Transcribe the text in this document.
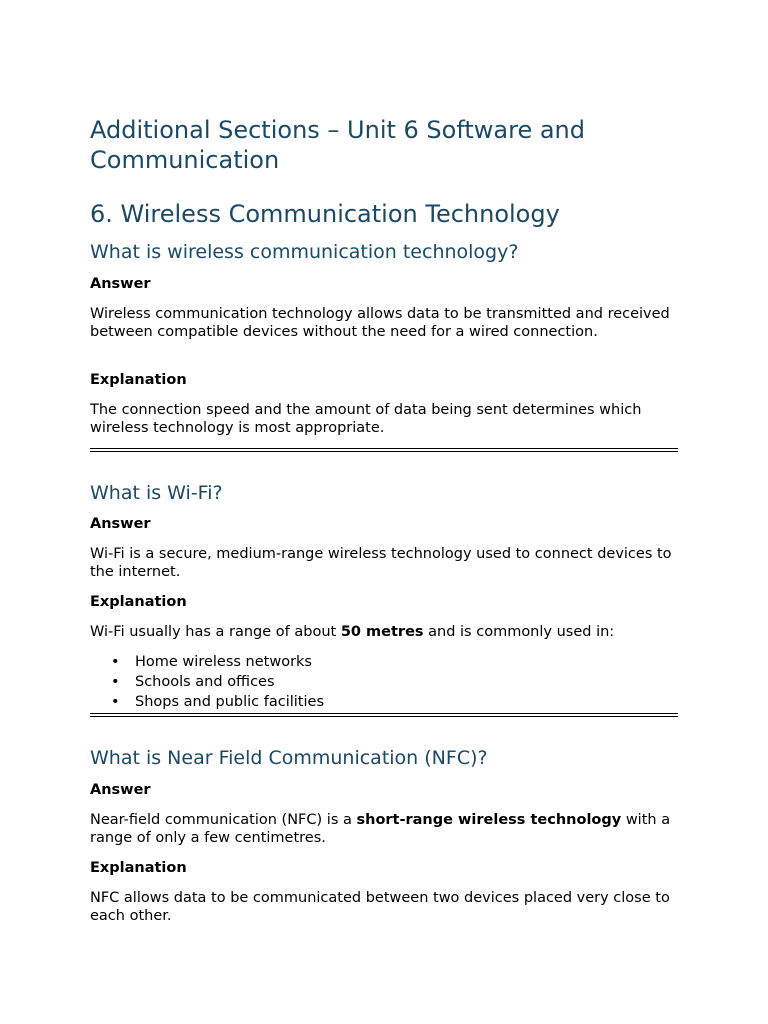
Additional Sections – Unit 6 Software and Communication
6. Wireless Communication Technology
What is wireless communication technology?
Answer

Wireless communication technology allows data to be transmitted and received between compatible devices without the need for a wired connection.

Explanation

The connection speed and the amount of data being sent determines which wireless technology is most appropriate.

What is Wi-Fi?
Answer

Wi-Fi is a secure, medium-range wireless technology used to connect devices to the internet.

Explanation

Wi-Fi usually has a range of about 50 metres and is commonly used in:

• Home wireless networks
• Schools and offices
• Shops and public facilities
What is Near Field Communication (NFC)?
Answer

Near-field communication (NFC) is a short-range wireless technology with a range of only a few centimetres.

Explanation

NFC allows data to be communicated between two devices placed very close to each other.
